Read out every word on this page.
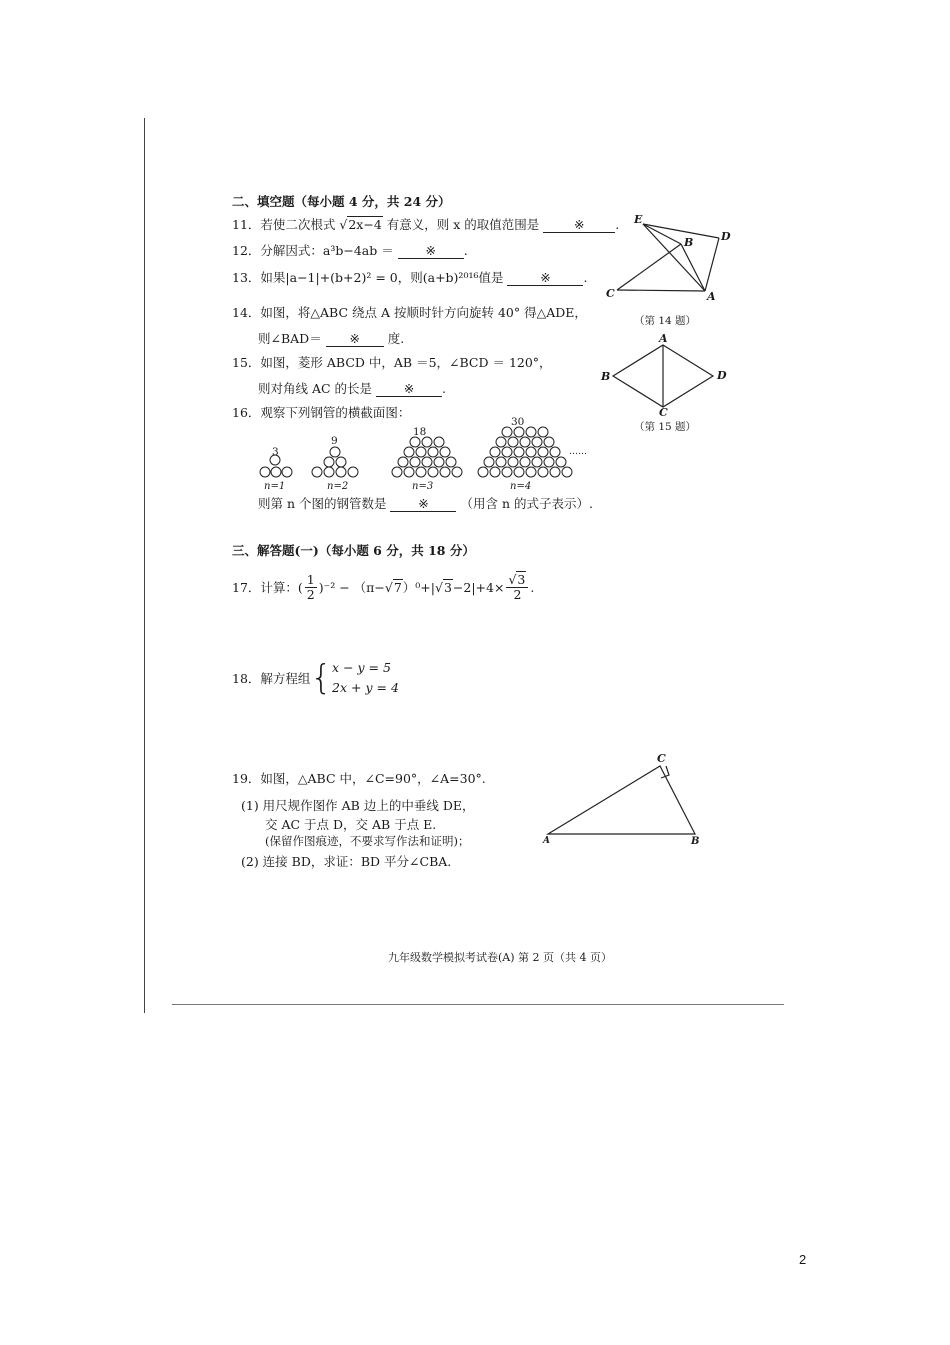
二、填空题（每小题 4 分，共 24 分）
11．若使二次根式 √2x−4 有意义，则 x 的取值范围是	※ .
12．分解因式：a³b−4ab ＝	※ .
13．如果|a−1|+(b+2)² = 0，则(a+b)²⁰¹⁶值是	※	.
14．如图，将△ABC 绕点 A 按顺时针方向旋转 40° 得△ADE，
则∠BAD＝ ※ 度.
15．如图，菱形 ABCD 中，AB ＝5，∠BCD ＝ 120°，
则对角线 AC 的长是	※ .
16．观察下列钢管的横截面图：
3
9
18
30
……
n=1	n=2	n=3	n=4
则第 n 个图的钢管数是	※	（用含 n 的式子表示）.
E
B	D
C	A
（第 14 题）
A
B	D
C
（第 15 题）
三、解答题(一)（每小题 6 分，共 18 分）
17．计算：( $\frac{1}{2} )^{-2} - (\pi- √7$ ）⁰+| $√3 -2|+4\times \frac{√3}{2}$ .
18．解方程组 { x − y = 5
2x + y = 4
19．如图，△ABC 中，∠C=90°，∠A=30°.
(1) 用尺规作图作 AB 边上的中垂线 DE，
交 AC 于点 D，交 AB 于点 E.
(保留作图痕迹，不要求写作法和证明)；
(2) 连接 BD，求证：BD 平分∠CBA.
C
A	B
九年级数学模拟考试卷(A) 第 2 页（共 4 页）
2
